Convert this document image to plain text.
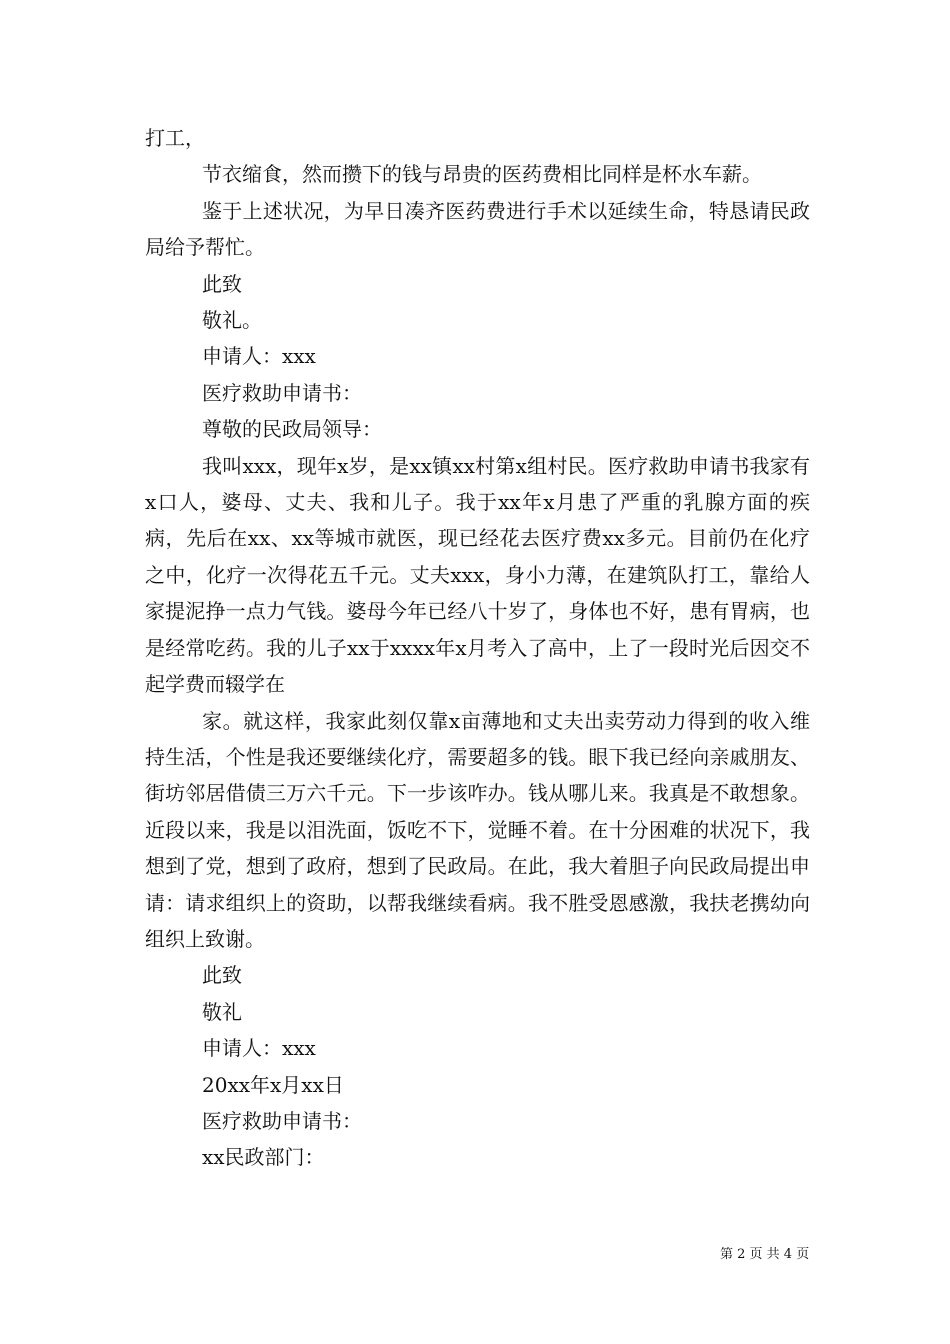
打工，

节衣缩食，然而攒下的钱与昂贵的医药费相比同样是杯水车薪。

鉴于上述状况，为早日凑齐医药费进行手术以延续生命，特恳请民政局给予帮忙。

此致

敬礼。

申请人：xxx

医疗救助申请书：

尊敬的民政局领导：

我叫xxx，现年x岁，是xx镇xx村第x组村民。医疗救助申请书我家有x口人，婆母、丈夫、我和儿子。我于xx年x月患了严重的乳腺方面的疾病，先后在xx、xx等城市就医，现已经花去医疗费xx多元。目前仍在化疗之中，化疗一次得花五千元。丈夫xxx，身小力薄，在建筑队打工，靠给人家提泥挣一点力气钱。婆母今年已经八十岁了，身体也不好，患有胃病，也是经常吃药。我的儿子xx于xxxx年x月考入了高中，上了一段时光后因交不起学费而辍学在

家。就这样，我家此刻仅靠x亩薄地和丈夫出卖劳动力得到的收入维持生活，个性是我还要继续化疗，需要超多的钱。眼下我已经向亲戚朋友、街坊邻居借债三万六千元。下一步该咋办。钱从哪儿来。我真是不敢想象。近段以来，我是以泪洗面，饭吃不下，觉睡不着。在十分困难的状况下，我想到了党，想到了政府，想到了民政局。在此，我大着胆子向民政局提出申请：请求组织上的资助，以帮我继续看病。我不胜受恩感激，我扶老携幼向组织上致谢。

此致

敬礼

申请人：xxx

20xx年x月xx日

医疗救助申请书：

xx民政部门：

第 2 页 共 4 页
